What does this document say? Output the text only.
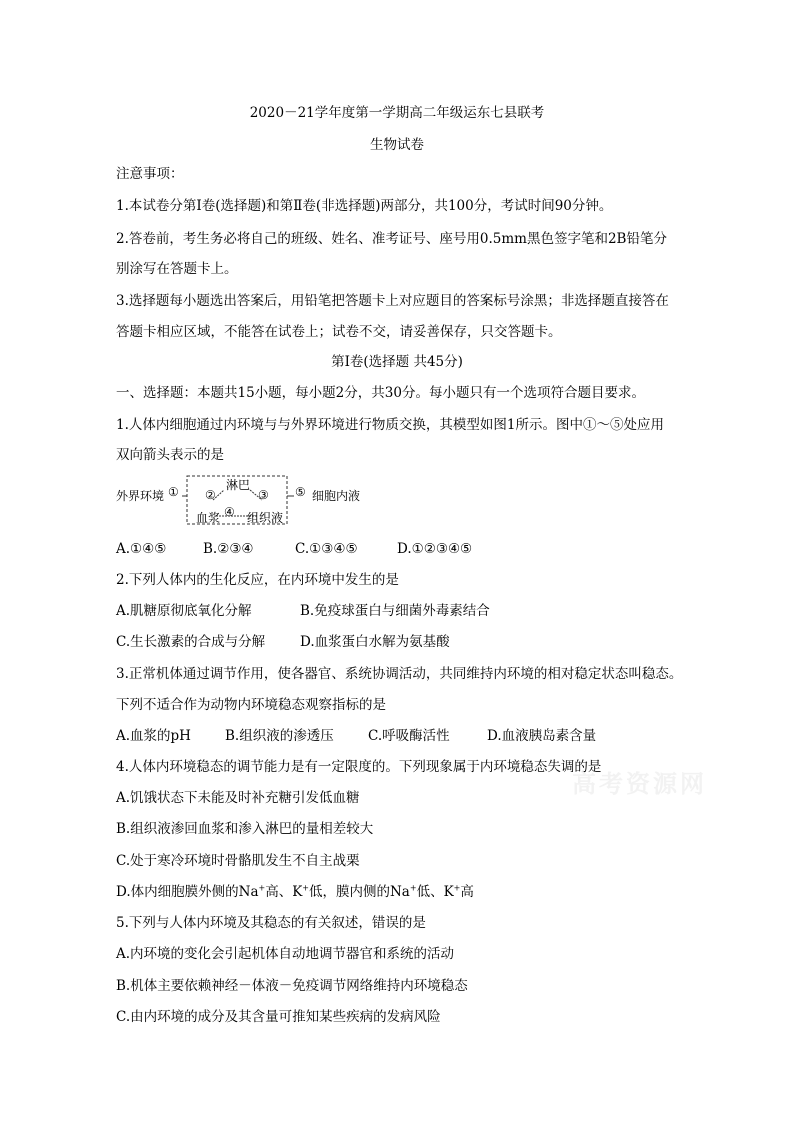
2020－21学年度第一学期高二年级运东七县联考
生物试卷
注意事项：
1.本试卷分第Ⅰ卷(选择题)和第Ⅱ卷(非选择题)两部分，共100分，考试时间90分钟。
2.答卷前，考生务必将自己的班级、姓名、准考证号、座号用0.5mm黑色签字笔和2B铅笔分
别涂写在答题卡上。
3.选择题每小题选出答案后，用铅笔把答题卡上对应题目的答案标号涂黑；非选择题直接答在
答题卡相应区域，不能答在试卷上；试卷不交，请妥善保存，只交答题卡。
第Ⅰ卷(选择题 共45分)
一、选择题：本题共15小题，每小题2分，共30分。每小题只有一个选项符合题目要求。
1.人体内细胞通过内环境与与外界环境进行物质交换，其模型如图1所示。图中①～⑤处应用
双向箭头表示的是
外界环境 ① ②
淋巴
③
血浆 ④ 组织液
⑤ 细胞内液
A.①④⑤	B.②③④	C.①③④⑤	D.①②③④⑤
2.下列人体内的生化反应，在内环境中发生的是
A.肌糖原彻底氧化分解	B.免疫球蛋白与细菌外毒素结合
C.生长激素的合成与分解	D.血浆蛋白水解为氨基酸
3.正常机体通过调节作用，使各器官、系统协调活动，共同维持内环境的相对稳定状态叫稳态。
下列不适合作为动物内环境稳态观察指标的是
A.血浆的pH	B.组织液的渗透压	C.呼吸酶活性	D.血液胰岛素含量
高考资源网
4.人体内环境稳态的调节能力是有一定限度的。下列现象属于内环境稳态失调的是
A.饥饿状态下未能及时补充糖引发低血糖
B.组织液渗回血浆和渗入淋巴的量相差较大
C.处于寒冷环境时骨骼肌发生不自主战栗
D.体内细胞膜外侧的Na+高、K+低，膜内侧的Na+低、K+高
5.下列与人体内环境及其稳态的有关叙述，错误的是
A.内环境的变化会引起机体自动地调节器官和系统的活动
B.机体主要依赖神经－体液－免疫调节网络维持内环境稳态
C.由内环境的成分及其含量可推知某些疾病的发病风险
